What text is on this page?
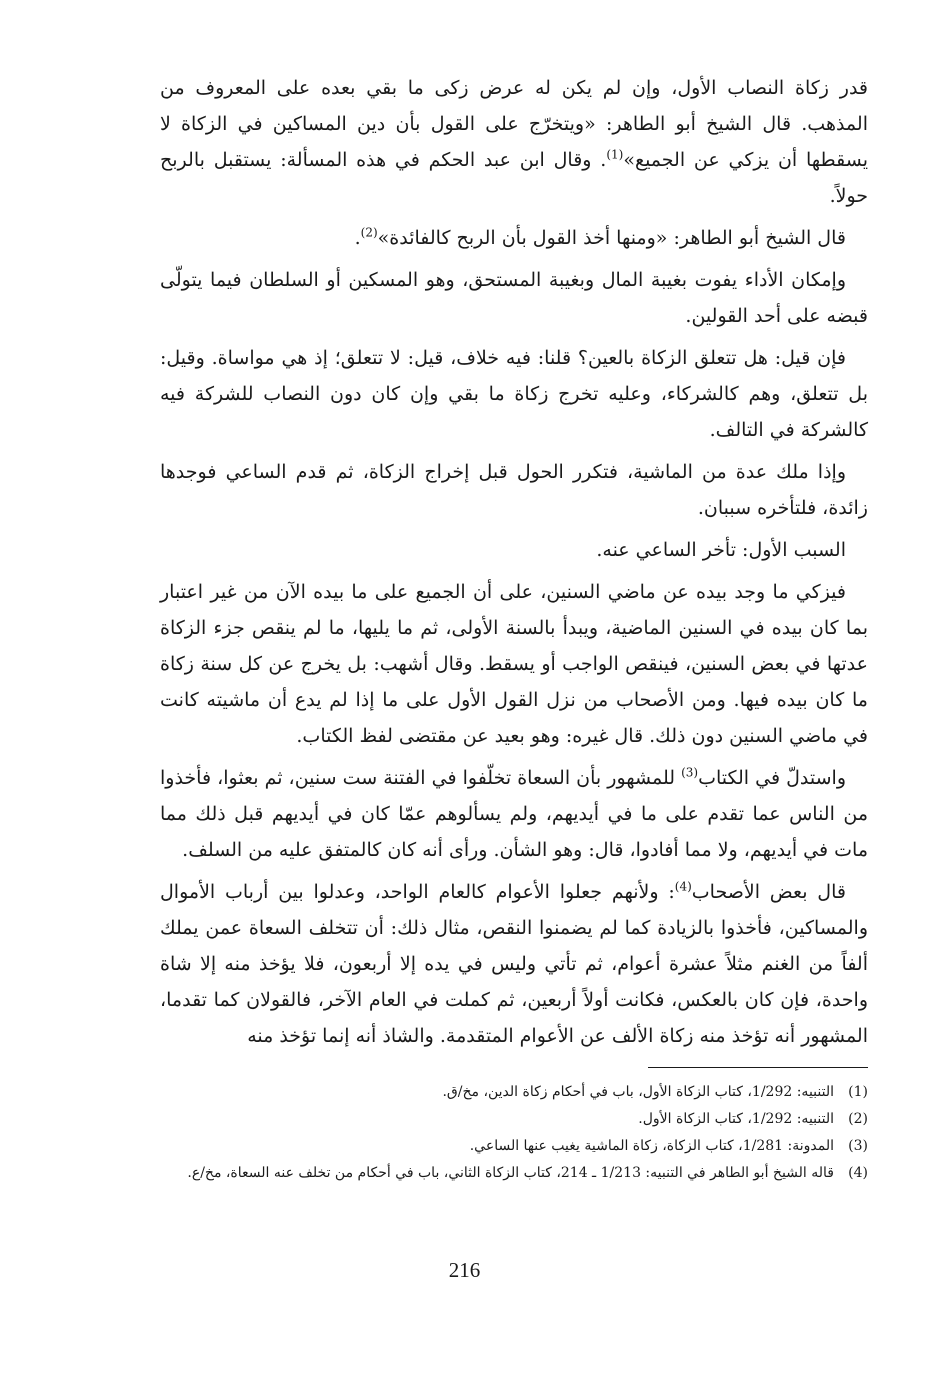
قدر زكاة النصاب الأول، وإن لم يكن له عرض زكى ما بقي بعده على المعروف من المذهب. قال الشيخ أبو الطاهر: «ويتخرّج على القول بأن دين المساكين في الزكاة لا يسقطها أن يزكي عن الجميع»$^{(1)}$. وقال ابن عبد الحكم في هذه المسألة: يستقبل بالربح حولاً.

قال الشيخ أبو الطاهر: «ومنها أخذ القول بأن الربح كالفائدة»$^{(2)}$.

وإمكان الأداء يفوت بغيبة المال وبغيبة المستحق، وهو المسكين أو السلطان فيما يتولّى قبضه على أحد القولين.

فإن قيل: هل تتعلق الزكاة بالعين؟ قلنا: فيه خلاف، قيل: لا تتعلق؛ إذ هي مواساة. وقيل: بل تتعلق، وهم كالشركاء، وعليه تخرج زكاة ما بقي وإن كان دون النصاب للشركة فيه كالشركة في التالف.

وإذا ملك عدة من الماشية، فتكرر الحول قبل إخراج الزكاة، ثم قدم الساعي فوجدها زائدة، فلتأخره سببان.

السبب الأول: تأخر الساعي عنه.

فيزكي ما وجد بيده عن ماضي السنين، على أن الجميع على ما بيده الآن من غير اعتبار بما كان بيده في السنين الماضية، ويبدأ بالسنة الأولى، ثم ما يليها، ما لم ينقص جزء الزكاة عدتها في بعض السنين، فينقص الواجب أو يسقط. وقال أشهب: بل يخرج عن كل سنة زكاة ما كان بيده فيها. ومن الأصحاب من نزل القول الأول على ما إذا لم يدع أن ماشيته كانت في ماضي السنين دون ذلك. قال غيره: وهو بعيد عن مقتضى لفظ الكتاب.

واستدلّ في الكتاب$^{(3)}$ للمشهور بأن السعاة تخلّفوا في الفتنة ست سنين، ثم بعثوا، فأخذوا من الناس عما تقدم على ما في أيديهم، ولم يسألوهم عمّا كان في أيديهم قبل ذلك مما مات في أيديهم، ولا مما أفادوا، قال: وهو الشأن. ورأى أنه كان كالمتفق عليه من السلف.

قال بعض الأصحاب$^{(4)}$: ولأنهم جعلوا الأعوام كالعام الواحد، وعدلوا بين أرباب الأموال والمساكين، فأخذوا بالزيادة كما لم يضمنوا النقص، مثال ذلك: أن تتخلف السعاة عمن يملك ألفاً من الغنم مثلاً عشرة أعوام، ثم تأتي وليس في يده إلا أربعون، فلا يؤخذ منه إلا شاة واحدة، فإن كان بالعكس، فكانت أولاً أربعين، ثم كملت في العام الآخر، فالقولان كما تقدما، المشهور أنه تؤخذ منه زكاة الألف عن الأعوام المتقدمة. والشاذ أنه إنما تؤخذ منه

(1)
التنبيه: 1/292، كتاب الزكاة الأول، باب في أحكام زكاة الدين، مخ/ق.
(2)
التنبيه: 1/292، كتاب الزكاة الأول.
(3)
المدونة: 1/281، كتاب الزكاة، زكاة الماشية يغيب عنها الساعي.
(4)
قاله الشيخ أبو الطاهر في التنبيه: 1/213 ـ 214، كتاب الزكاة الثاني، باب في أحكام من تخلف عنه السعاة، مخ/ع.
216
